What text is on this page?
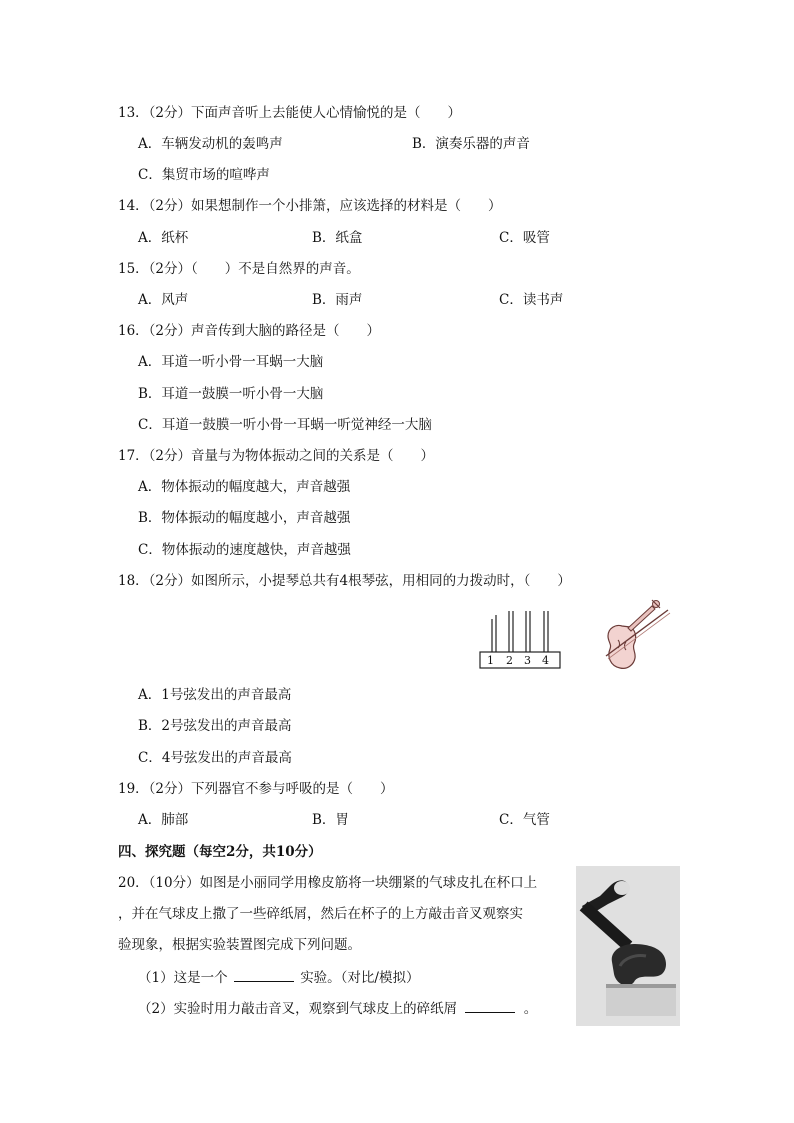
13．（2分）下面声音听上去能使人心情愉悦的是（　　）
A．车辆发动机的轰鸣声	B．演奏乐器的声音
C．集贸市场的喧哗声
14．（2分）如果想制作一个小排箫，应该选择的材料是（　　）
A．纸杯	B．纸盒	C．吸管
15．（2分）（　　）不是自然界的声音。
A．风声	B．雨声	C．读书声
16．（2分）声音传到大脑的路径是（　　）
A．耳道一听小骨一耳蜗一大脑
B．耳道一鼓膜一听小骨一大脑
C．耳道一鼓膜一听小骨一耳蜗一听觉神经一大脑
17．（2分）音量与为物体振动之间的关系是（　　）
A．物体振动的幅度越大，声音越强
B．物体振动的幅度越小，声音越强
C．物体振动的速度越快，声音越强
18．（2分）如图所示，小提琴总共有4根琴弦，用相同的力拨动时，（　　）
1 2 3 4
A．1号弦发出的声音最高
B．2号弦发出的声音最高
C．4号弦发出的声音最高
19．（2分）下列器官不参与呼吸的是（　　）
A．肺部	B．胃	C．气管
四、探究题（每空2分，共10分）
20．（10分）如图是小丽同学用橡皮筋将一块绷紧的气球皮扎在杯口上
，并在气球皮上撒了一些碎纸屑，然后在杯子的上方敲击音叉观察实
验现象，根据实验装置图完成下列问题。
（1）这是一个	实验。（对比/模拟）
（2）实验时用力敲击音叉，观察到气球皮上的碎纸屑	。
